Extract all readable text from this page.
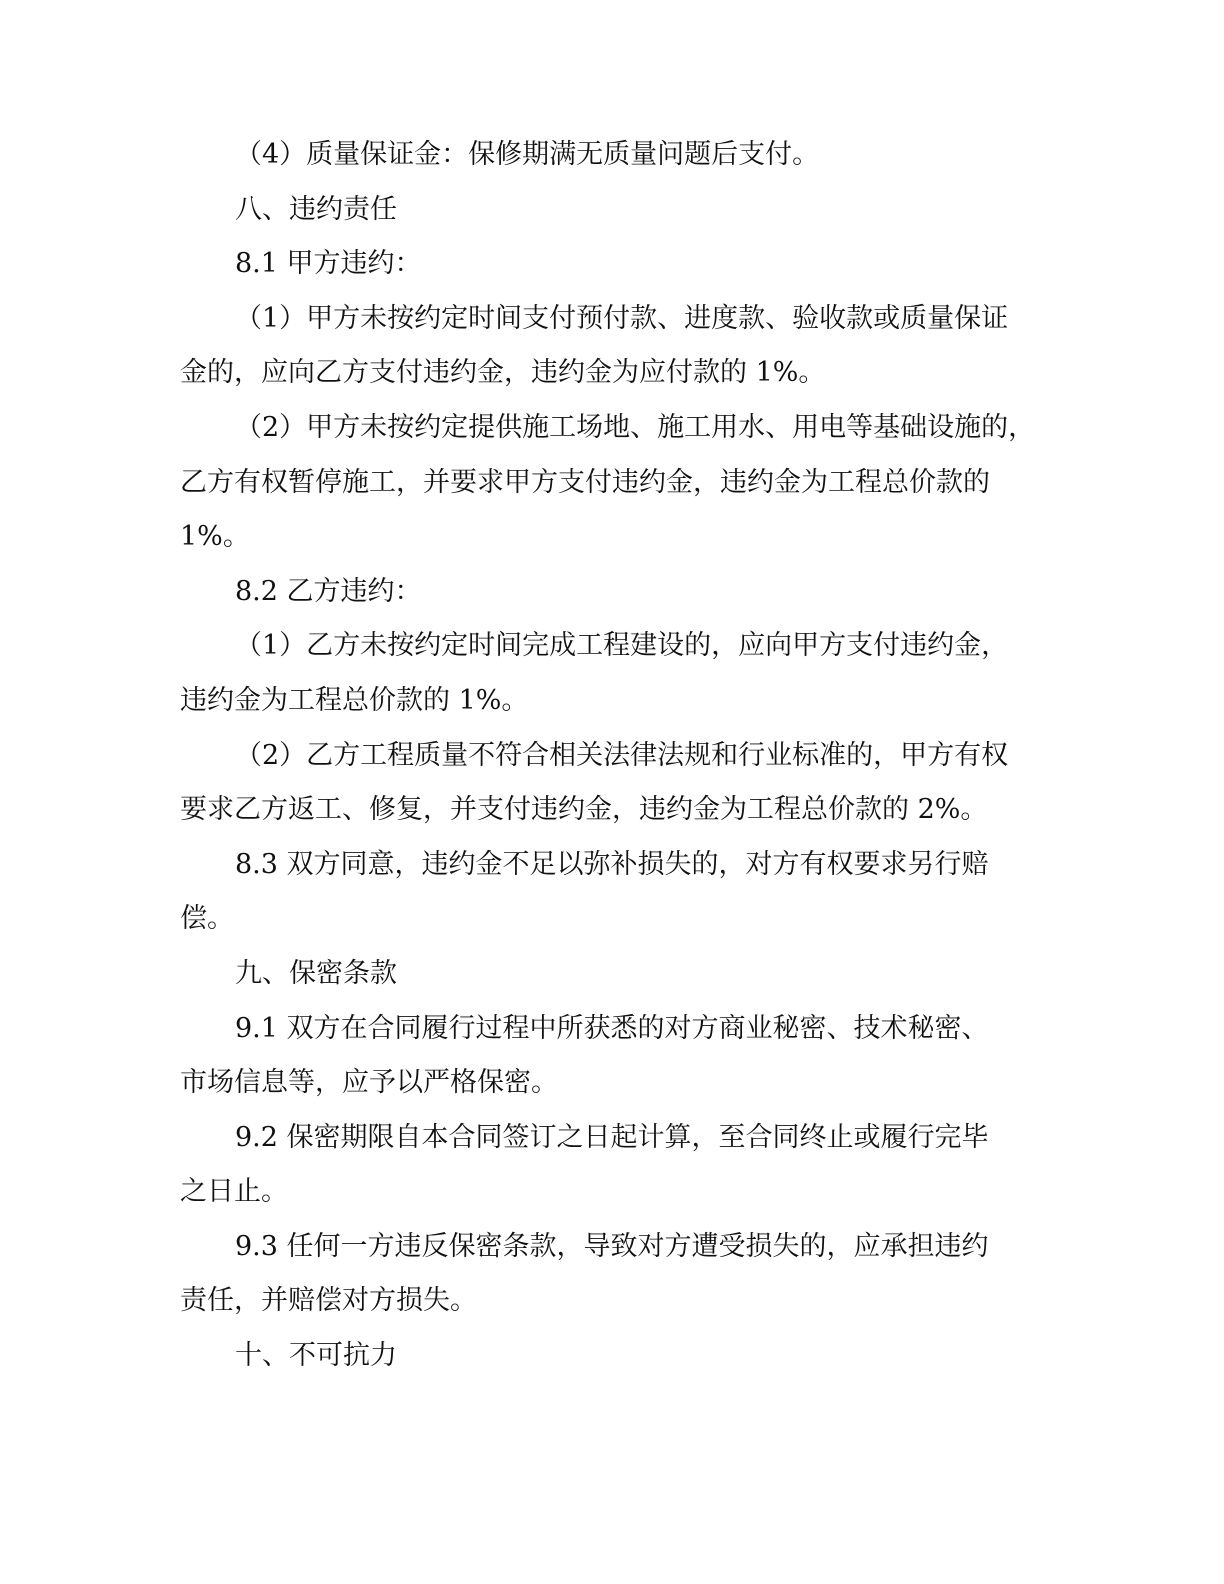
（4）质量保证金：保修期满无质量问题后支付。
八、违约责任
8.1 甲方违约：
（1）甲方未按约定时间支付预付款、进度款、验收款或质量保证
金的，应向乙方支付违约金，违约金为应付款的 1%。
（2）甲方未按约定提供施工场地、施工用水、用电等基础设施的，
乙方有权暂停施工，并要求甲方支付违约金，违约金为工程总价款的
1%。
8.2 乙方违约：
（1）乙方未按约定时间完成工程建设的，应向甲方支付违约金，
违约金为工程总价款的 1%。
（2）乙方工程质量不符合相关法律法规和行业标准的，甲方有权
要求乙方返工、修复，并支付违约金，违约金为工程总价款的 2%。
8.3 双方同意，违约金不足以弥补损失的，对方有权要求另行赔
偿。
九、保密条款
9.1 双方在合同履行过程中所获悉的对方商业秘密、技术秘密、
市场信息等，应予以严格保密。
9.2 保密期限自本合同签订之日起计算，至合同终止或履行完毕
之日止。
9.3 任何一方违反保密条款，导致对方遭受损失的，应承担违约
责任，并赔偿对方损失。
十、不可抗力
